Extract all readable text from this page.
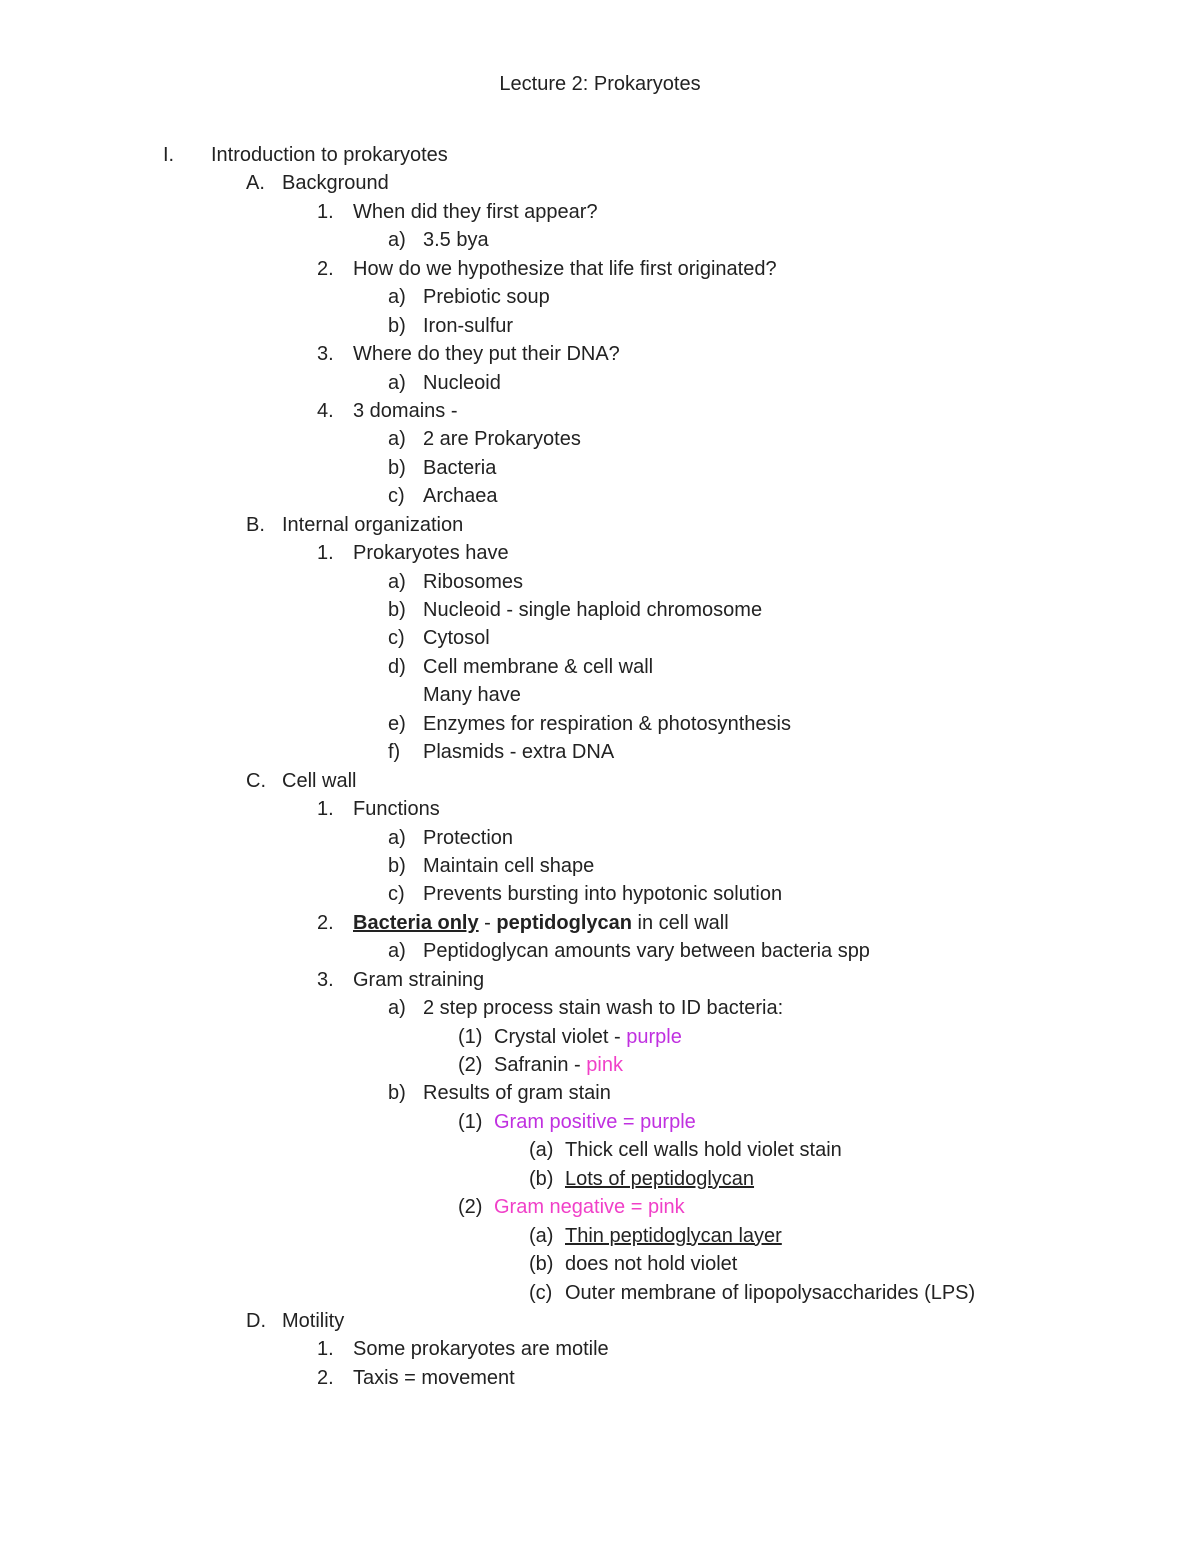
Lecture 2: Prokaryotes
I. Introduction to prokaryotes
A. Background
1. When did they first appear?
a) 3.5 bya
2. How do we hypothesize that life first originated?
a) Prebiotic soup
b) Iron-sulfur
3. Where do they put their DNA?
a) Nucleoid
4. 3 domains -
a) 2 are Prokaryotes
b) Bacteria
c) Archaea
B. Internal organization
1. Prokaryotes have
a) Ribosomes
b) Nucleoid - single haploid chromosome
c) Cytosol
d) Cell membrane & cell wall
Many have
e) Enzymes for respiration & photosynthesis
f) Plasmids - extra DNA
C. Cell wall
1. Functions
a) Protection
b) Maintain cell shape
c) Prevents bursting into hypotonic solution
2. Bacteria only - peptidoglycan in cell wall
a) Peptidoglycan amounts vary between bacteria spp
3. Gram straining
a) 2 step process stain wash to ID bacteria:
(1) Crystal violet - purple
(2) Safranin - pink
b) Results of gram stain
(1) Gram positive = purple
(a) Thick cell walls hold violet stain
(b) Lots of peptidoglycan
(2) Gram negative = pink
(a) Thin peptidoglycan layer
(b) does not hold violet
(c) Outer membrane of lipopolysaccharides (LPS)
D. Motility
1. Some prokaryotes are motile
2. Taxis = movement
